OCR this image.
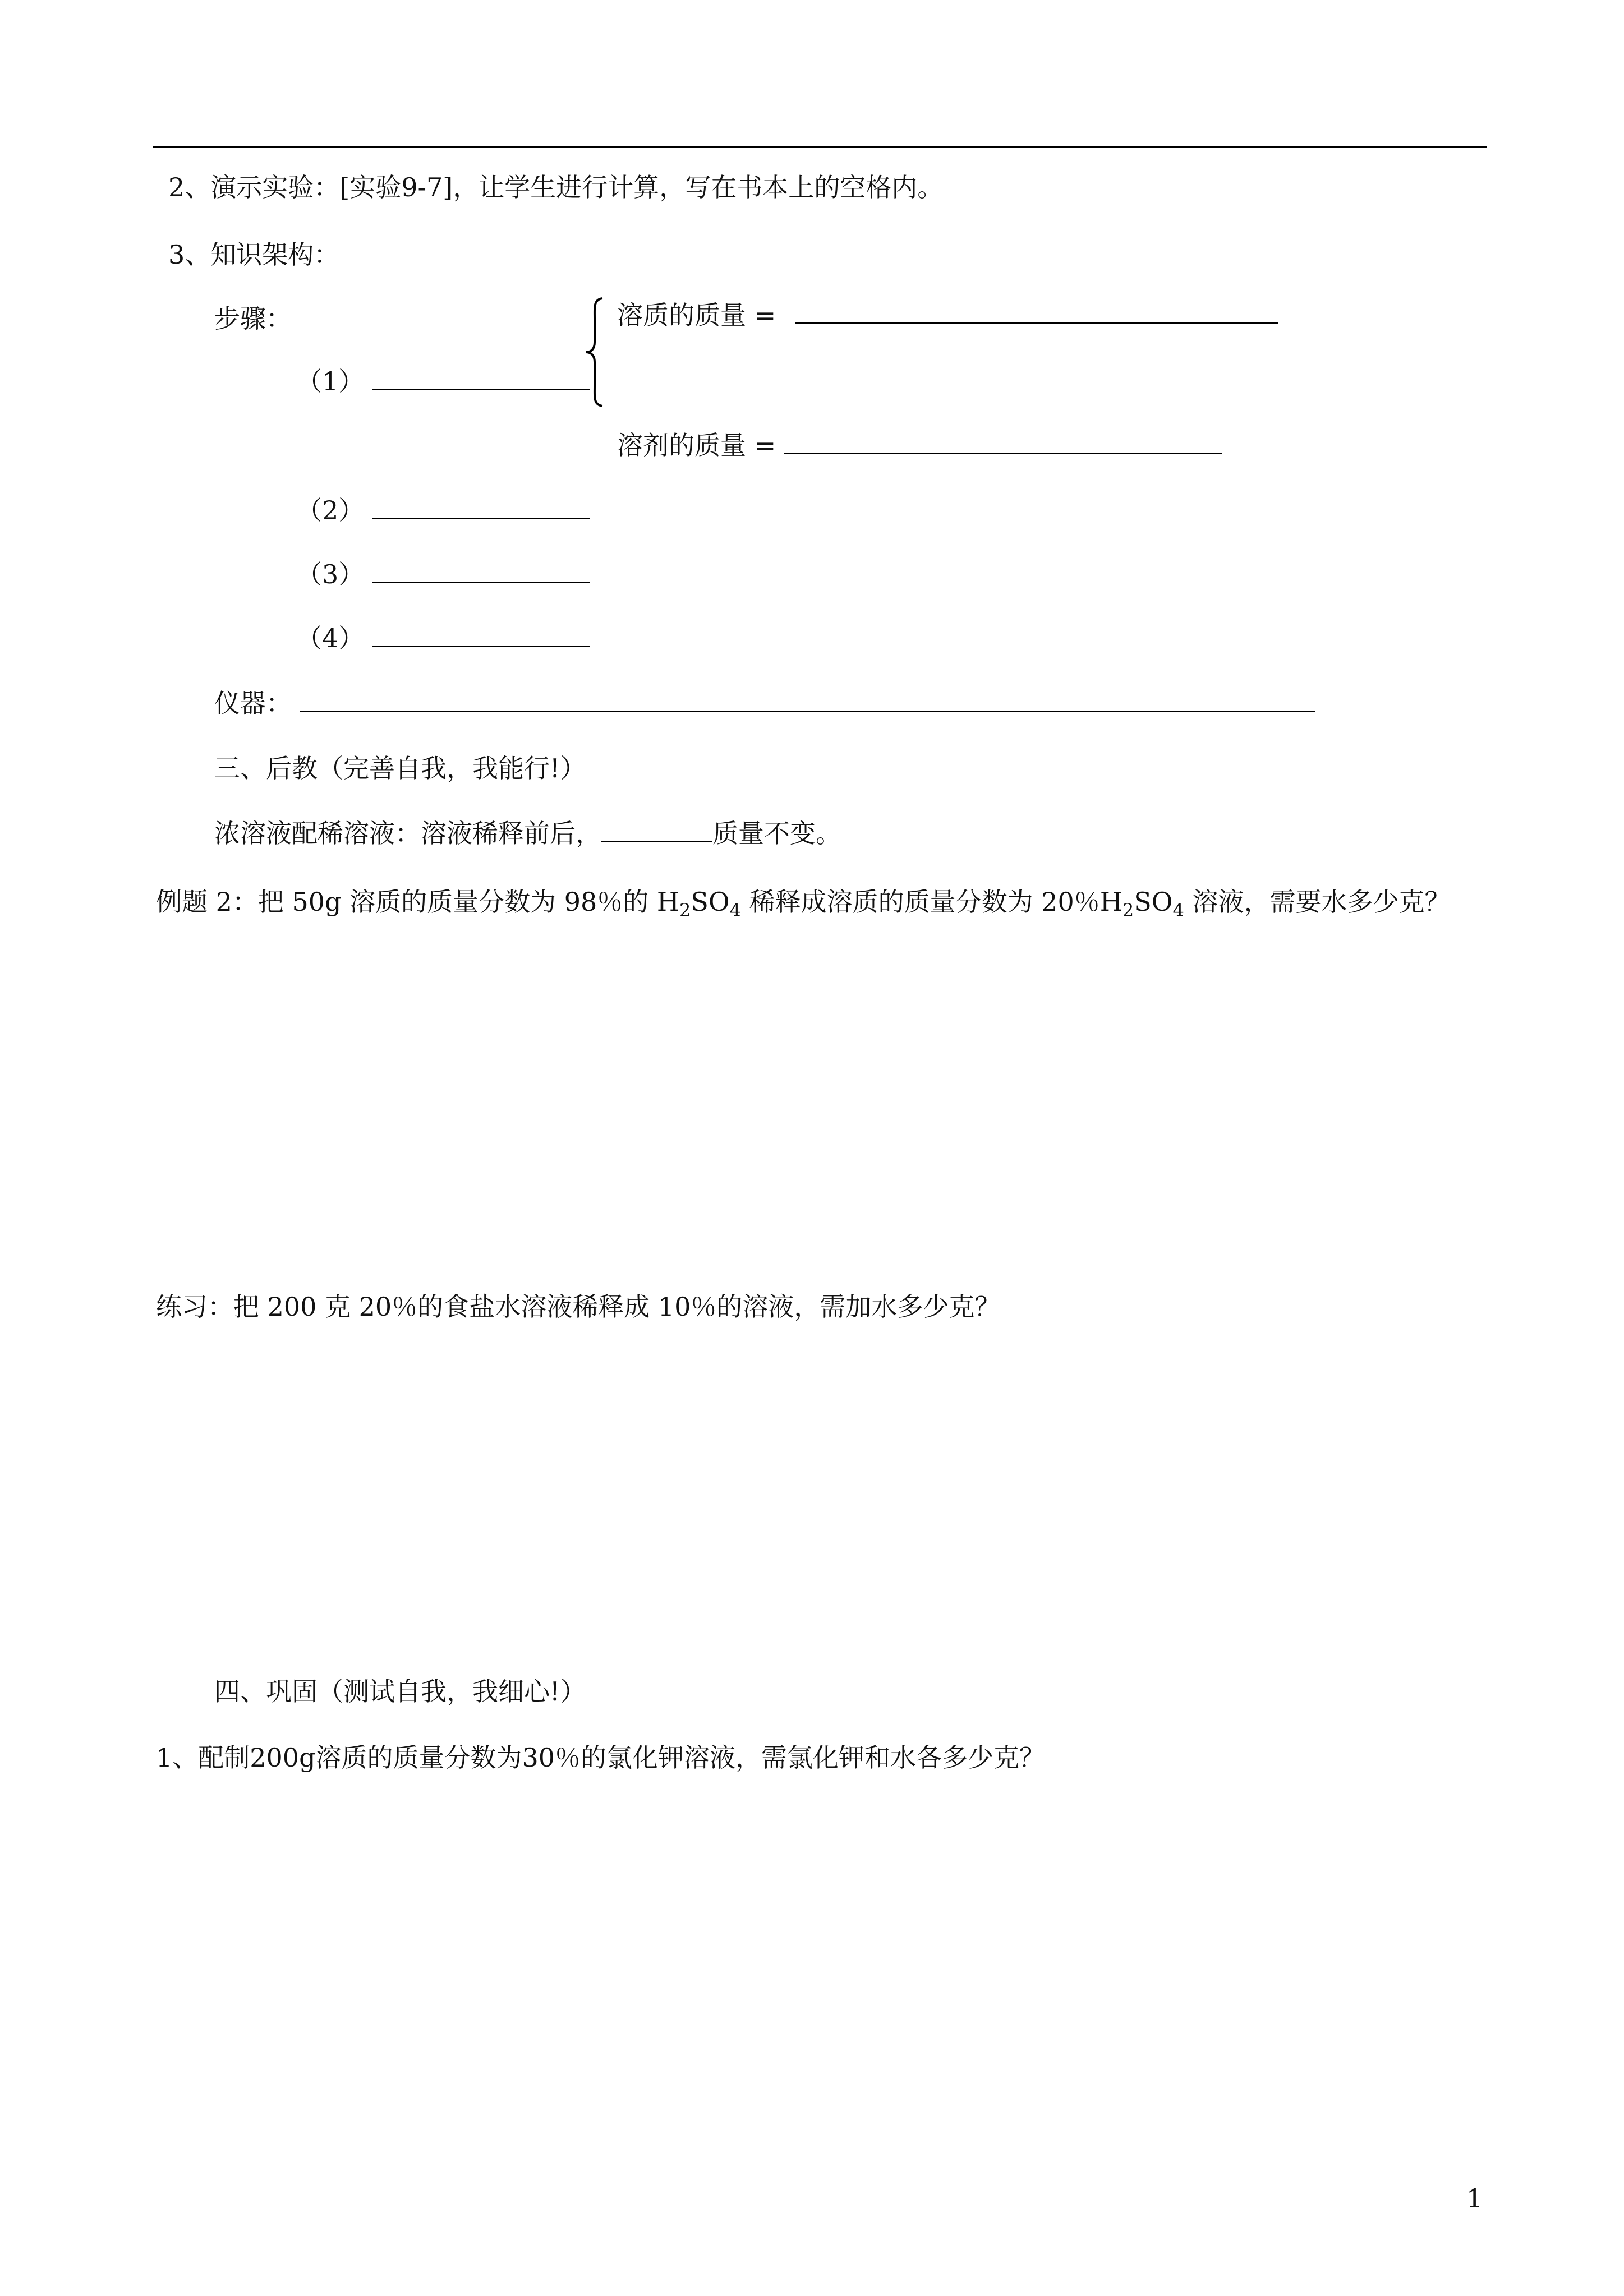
2、演示实验：[实验9-7]，让学生进行计算，写在书本上的空格内。
3、知识架构：
步骤：	溶质的质量 =
（1）
溶剂的质量 =
（2）
（3）
（4）
仪器：
三、后教（完善自我，我能行!）
浓溶液配稀溶液：溶液稀释前后，	质量不变。
例题 2：把 50g 溶质的质量分数为 98％的 $H_2SO_4$ 稀释成溶质的质量分数为 20％$H_2SO_4$ 溶液，需要水多少克？
练习：把 200 克 20％的食盐水溶液稀释成 10％的溶液，需加水多少克？
四、巩固（测试自我，我细心!）
1、配制200g溶质的质量分数为30％的氯化钾溶液，需氯化钾和水各多少克？
1
